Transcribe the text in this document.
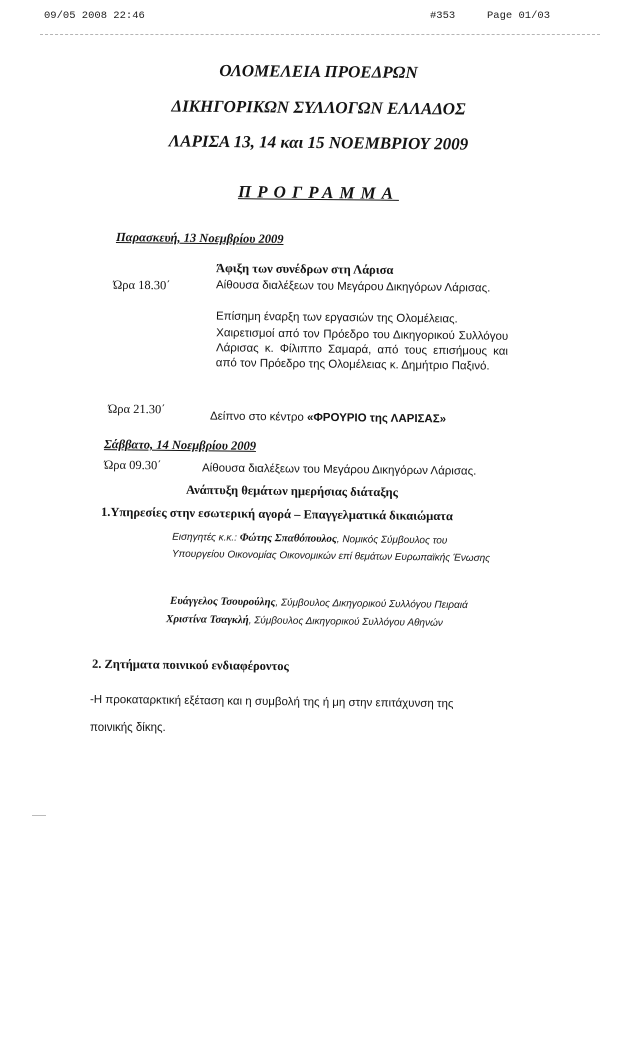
09/05 2008 22:46	#353	Page 01/03
ΟΛΟΜΕΛΕΙΑ ΠΡΟΕΔΡΩΝ
ΔΙΚΗΓΟΡΙΚΩΝ ΣΥΛΛΟΓΩΝ ΕΛΛΑΔΟΣ
ΛΑΡΙΣΑ 13, 14 και 15 ΝΟΕΜΒΡΙΟΥ 2009
ΠΡΟΓΡΑΜΜΑ
Παρασκευή, 13 Νοεμβρίου 2009
Άφιξη των συνέδρων στη Λάρισα
Ώρα 18.30΄	Αίθουσα διαλέξεων του Μεγάρου Δικηγόρων Λάρισας.
Επίσημη έναρξη των εργασιών της Ολομέλειας.
Χαιρετισμοί από τον Πρόεδρο του Δικηγορικού Συλλόγου Λάρισας κ. Φίλιππο Σαμαρά, από τους επισήμους και από τον Πρόεδρο της Ολομέλειας κ. Δημήτριο Παξινό.
Ώρα 21.30΄
Δείπνο στο κέντρο «ΦΡΟΥΡΙΟ της ΛΑΡΙΣΑΣ»
Σάββατο, 14 Νοεμβρίου 2009
Ώρα 09.30΄	Αίθουσα διαλέξεων του Μεγάρου Δικηγόρων Λάρισας.
Ανάπτυξη θεμάτων ημερήσιας διάταξης
1.Υπηρεσίες στην εσωτερική αγορά – Επαγγελματικά δικαιώματα
Εισηγητές κ.κ.: Φώτης Σπαθόπουλος, Νομικός Σύμβουλος του Υπουργείου Οικονομίας Οικονομικών επί θεμάτων Ευρωπαϊκής Ένωσης
Ευάγγελος Τσουρούλης, Σύμβουλος Δικηγορικού Συλλόγου Πειραιά
Χριστίνα Τσαγκλή, Σύμβουλος Δικηγορικού Συλλόγου Αθηνών
2. Ζητήματα ποινικού ενδιαφέροντος
-Η προκαταρκτική εξέταση και η συμβολή της ή μη στην επιτάχυνση της
ποινικής δίκης.
